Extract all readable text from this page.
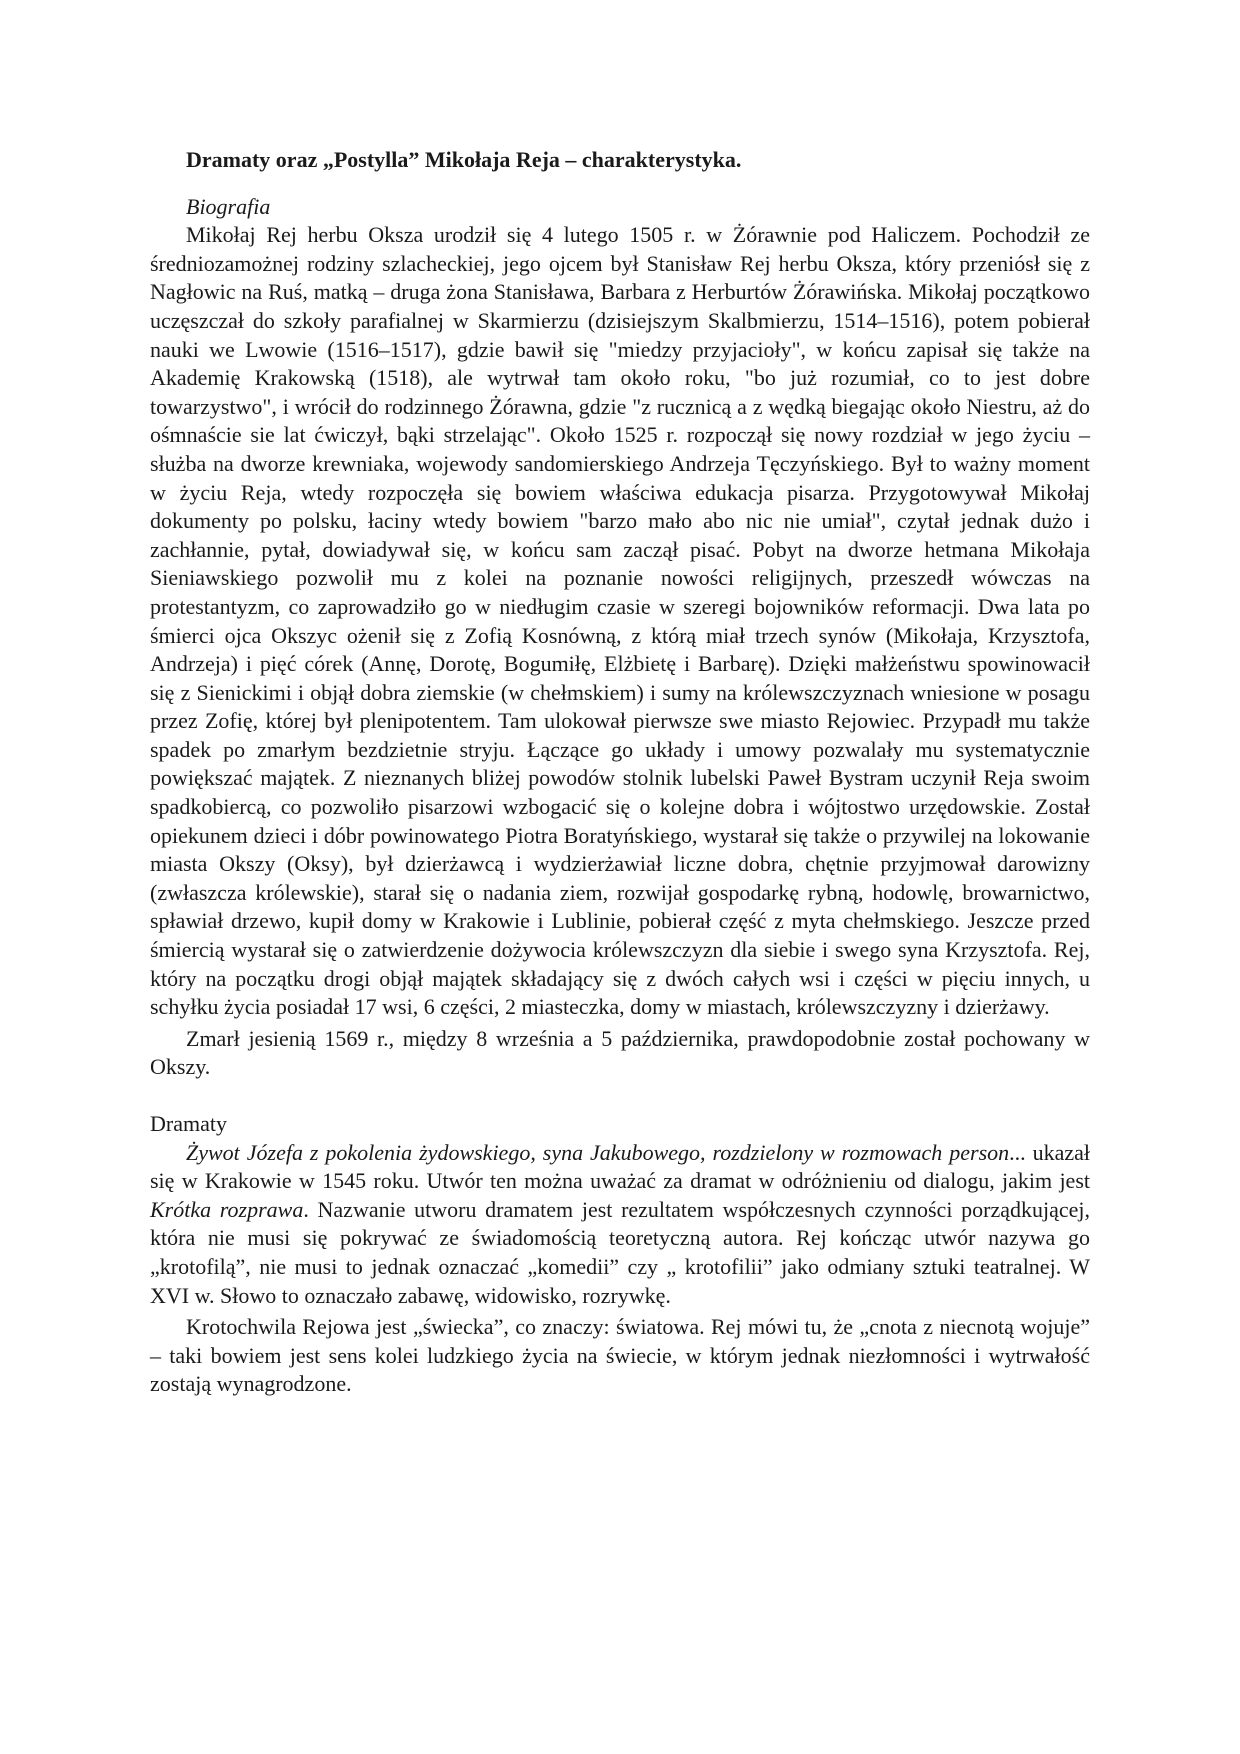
Dramaty oraz „Postylla” Mikołaja Reja – charakterystyka.
Biografia

Mikołaj Rej herbu Oksza urodził się 4 lutego 1505 r. w Żórawnie pod Haliczem. Pochodził ze średniozamożnej rodziny szlacheckiej, jego ojcem był Stanisław Rej herbu Oksza, który przeniósł się z Nagłowic na Ruś, matką – druga żona Stanisława, Barbara z Herburtów Żórawińska. Mikołaj początkowo uczęszczał do szkoły parafialnej w Skarmierzu (dzisiejszym Skalbmierzu, 1514–1516), potem pobierał nauki we Lwowie (1516–1517), gdzie bawił się "miedzy przyjacioły", w końcu zapisał się także na Akademię Krakowską (1518), ale wytrwał tam około roku, "bo już rozumiał, co to jest dobre towarzystwo", i wrócił do rodzinnego Żórawna, gdzie "z rucznicą a z wędką biegając około Niestru, aż do ośmnaście sie lat ćwiczył, bąki strzelając". Około 1525 r. rozpoczął się nowy rozdział w jego życiu – służba na dworze krewniaka, wojewody sandomierskiego Andrzeja Tęczyńskiego. Był to ważny moment w życiu Reja, wtedy rozpoczęła się bowiem właściwa edukacja pisarza. Przygotowywał Mikołaj dokumenty po polsku, łaciny wtedy bowiem "barzo mało abo nic nie umiał", czytał jednak dużo i zachłannie, pytał, dowiadywał się, w końcu sam zaczął pisać. Pobyt na dworze hetmana Mikołaja Sieniawskiego pozwolił mu z kolei na poznanie nowości religijnych, przeszedł wówczas na protestantyzm, co zaprowadziło go w niedługim czasie w szeregi bojowników reformacji. Dwa lata po śmierci ojca Okszyc ożenił się z Zofią Kosnówną, z którą miał trzech synów (Mikołaja, Krzysztofa, Andrzeja) i pięć córek (Annę, Dorotę, Bogumiłę, Elżbietę i Barbarę). Dzięki małżeństwu spowinowacił się z Sienickimi i objął dobra ziemskie (w chełmskiem) i sumy na królewszczyznach wniesione w posagu przez Zofię, której był plenipotentem. Tam ulokował pierwsze swe miasto Rejowiec. Przypadł mu także spadek po zmarłym bezdzietnie stryju. Łączące go układy i umowy pozwalały mu systematycznie powiększać majątek. Z nieznanych bliżej powodów stolnik lubelski Paweł Bystram uczynił Reja swoim spadkobiercą, co pozwoliło pisarzowi wzbogacić się o kolejne dobra i wójtostwo urzędowskie. Został opiekunem dzieci i dóbr powinowatego Piotra Boratyńskiego, wystarał się także o przywilej na lokowanie miasta Okszy (Oksy), był dzierżawcą i wydzierżawiał liczne dobra, chętnie przyjmował darowizny (zwłaszcza królewskie), starał się o nadania ziem, rozwijał gospodarkę rybną, hodowlę, browarnictwo, spławiał drzewo, kupił domy w Krakowie i Lublinie, pobierał część z myta chełmskiego. Jeszcze przed śmiercią wystarał się o zatwierdzenie dożywocia królewszczyzn dla siebie i swego syna Krzysztofa. Rej, który na początku drogi objął majątek składający się z dwóch całych wsi i części w pięciu innych, u schyłku życia posiadał 17 wsi, 6 części, 2 miasteczka, domy w miastach, królewszczyzny i dzierżawy.

Zmarł jesienią 1569 r., między 8 września a 5 października, prawdopodobnie został pochowany w Okszy.

Dramaty

Żywot Józefa z pokolenia żydowskiego, syna Jakubowego, rozdzielony w rozmowach person... ukazał się w Krakowie w 1545 roku. Utwór ten można uważać za dramat w odróżnieniu od dialogu, jakim jest Krótka rozprawa. Nazwanie utworu dramatem jest rezultatem współczesnych czynności porządkującej, która nie musi się pokrywać ze świadomością teoretyczną autora. Rej kończąc utwór nazywa go „krotofilą”, nie musi to jednak oznaczać „komedii” czy „ krotofilii” jako odmiany sztuki teatralnej. W XVI w. Słowo to oznaczało zabawę, widowisko, rozrywkę.

Krotochwila Rejowa jest „świecka”, co znaczy: światowa. Rej mówi tu, że „cnota z niecnotą wojuje” – taki bowiem jest sens kolei ludzkiego życia na świecie, w którym jednak niezłomności i wytrwałość zostają wynagrodzone.
